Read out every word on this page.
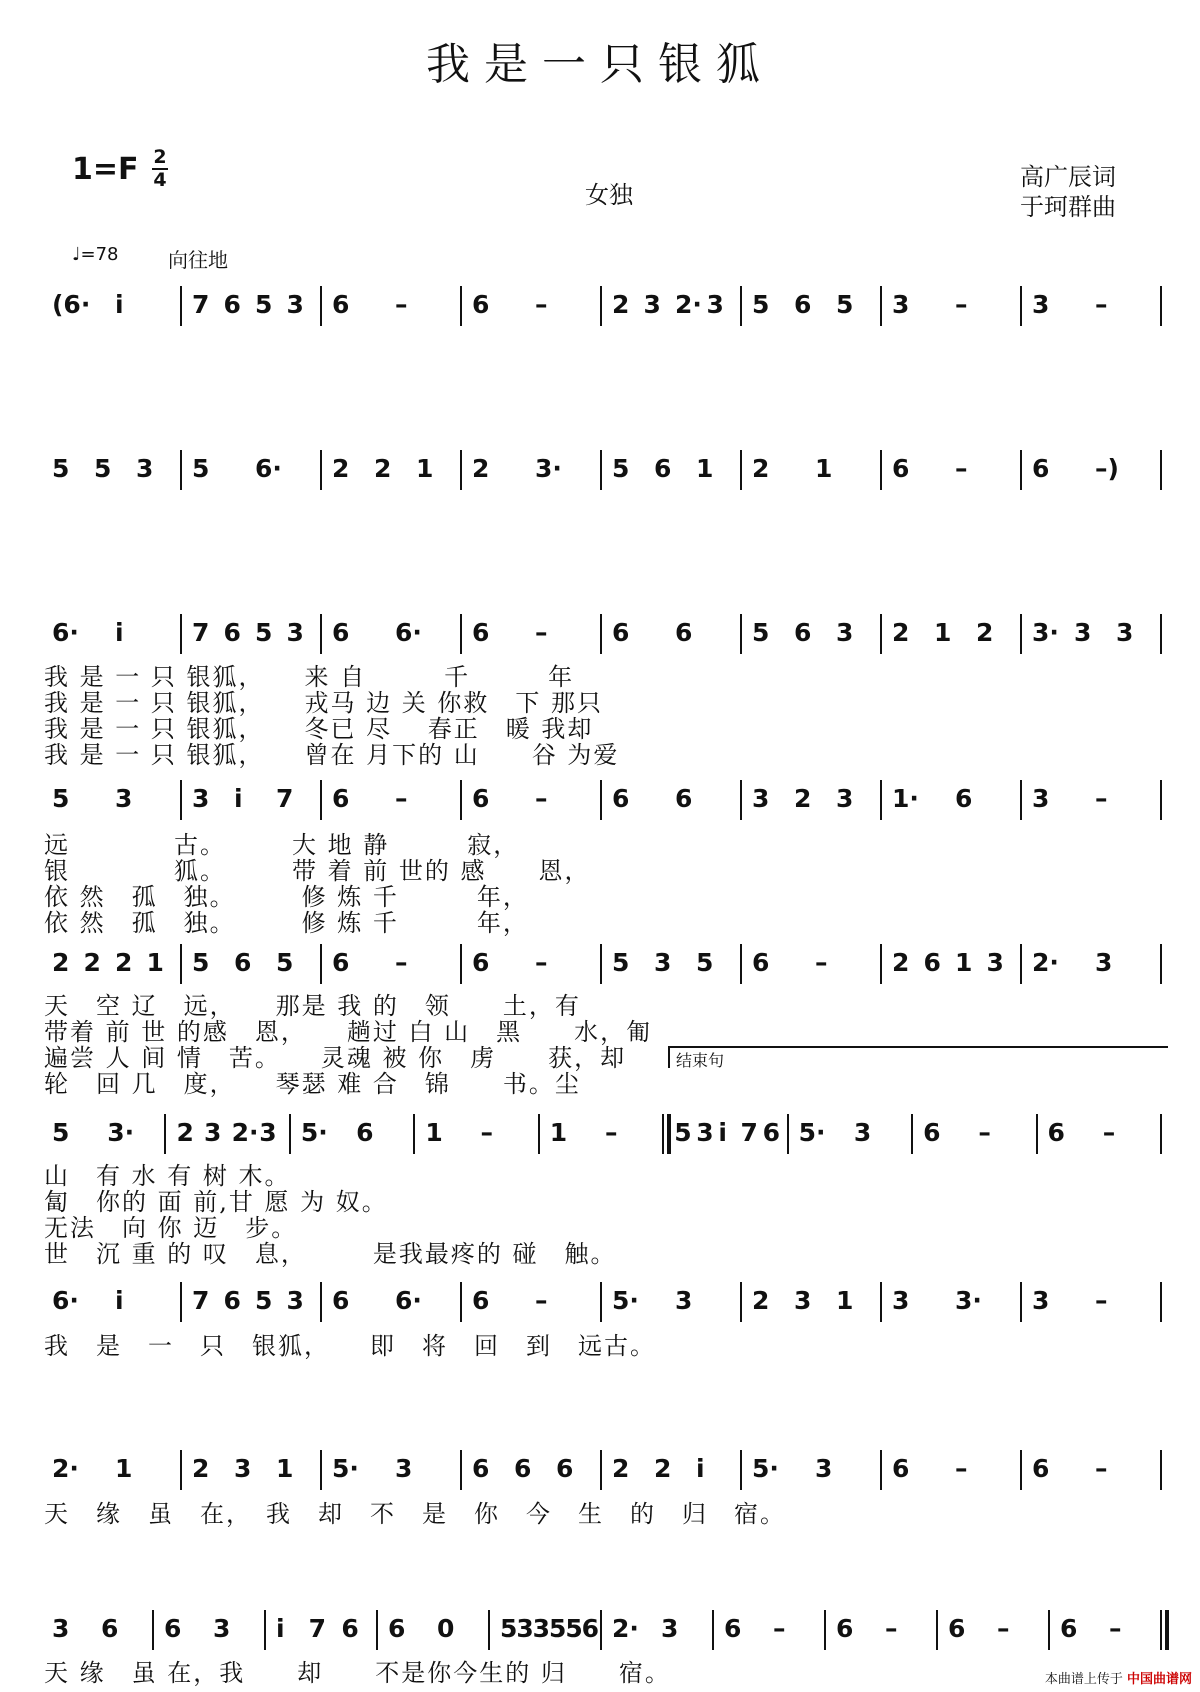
我是一只银狐
1=F 2
4
女独
高广辰词
于珂群曲
♩=78 向往地
结束句
(6· i	7 6 5 3 6 –	6 –	2 3 2· 3 5 6 5 3 –	3 –
5 5 3 5 6· 2 2 1 2 3· 5 6 1 2 1 6 –	6 –)
6· i	7 6 5 3 6 6· 6 –	6 6 5 6 3 2 1 2 3· 3 3
我 是 一 只 银狐，　　来 自　　　千　　　年
我 是 一 只 银狐，　　戎马 边 关 你救　下 那只
我 是 一 只 银狐，　　冬已 尽　 春正　暖 我却
我 是 一 只 银狐，　　曾在 月下的 山　　谷 为爱
5 3 3 i 7 6 –	6 –	6 6 3 2 3 1· 6 3 –
远　　　　古。　　　大 地 静　　　寂，
银　　　　狐。　　　带 着 前 世的 感　　恩，
依 然　孤　独。　　　修 炼 千　　　年，
依 然　孤　独。　　　修 炼 千　　　年，
2 2 2 1 5 6 5 6 –	6 –	5 3 5 6 –	2 6 1 3 2· 3
天　空 辽　远，　　那是 我 的　领　　土，有
带着 前 世 的感　恩，　　趟过 白 山　黑　　水，匍
遍尝 人 间 情　苦。　　灵魂 被 你　虏　　获，却
轮　回 几　度，　　琴瑟 难 合　锦　　书。尘
5 3· 2 3 2· 3 5· 6 1 – 1 – 5 3 i 7 6 5· 3 6 – 6 –
山　有 水 有 树 木。
匐　你的 面 前,甘 愿 为 奴。
无法　向 你 迈　步。
世　沉 重 的 叹　息，　　　是我最疼的 碰　触。
6· i	7 6 5 3 6 6· 6 –	5· 3 2 3 1 3 3· 3 –
我　是　一　只　银狐，　　即　将　回　到　远古。
2· 1 2 3 1 5· 3 6 6 6 2 2 i 5· 3 6 –	6 –
天　缘　虽　在，　我　却　不　是　你　今　生　的　归　宿。
3 6 6 3 i 7 6 6 0 5
3
3
5
5
6 2· 3 6 – 6 – 6 – 6 –
天 缘　虽 在，我　　却　　不是你今生的 归　　宿。	本曲谱上传于 中国曲谱网
